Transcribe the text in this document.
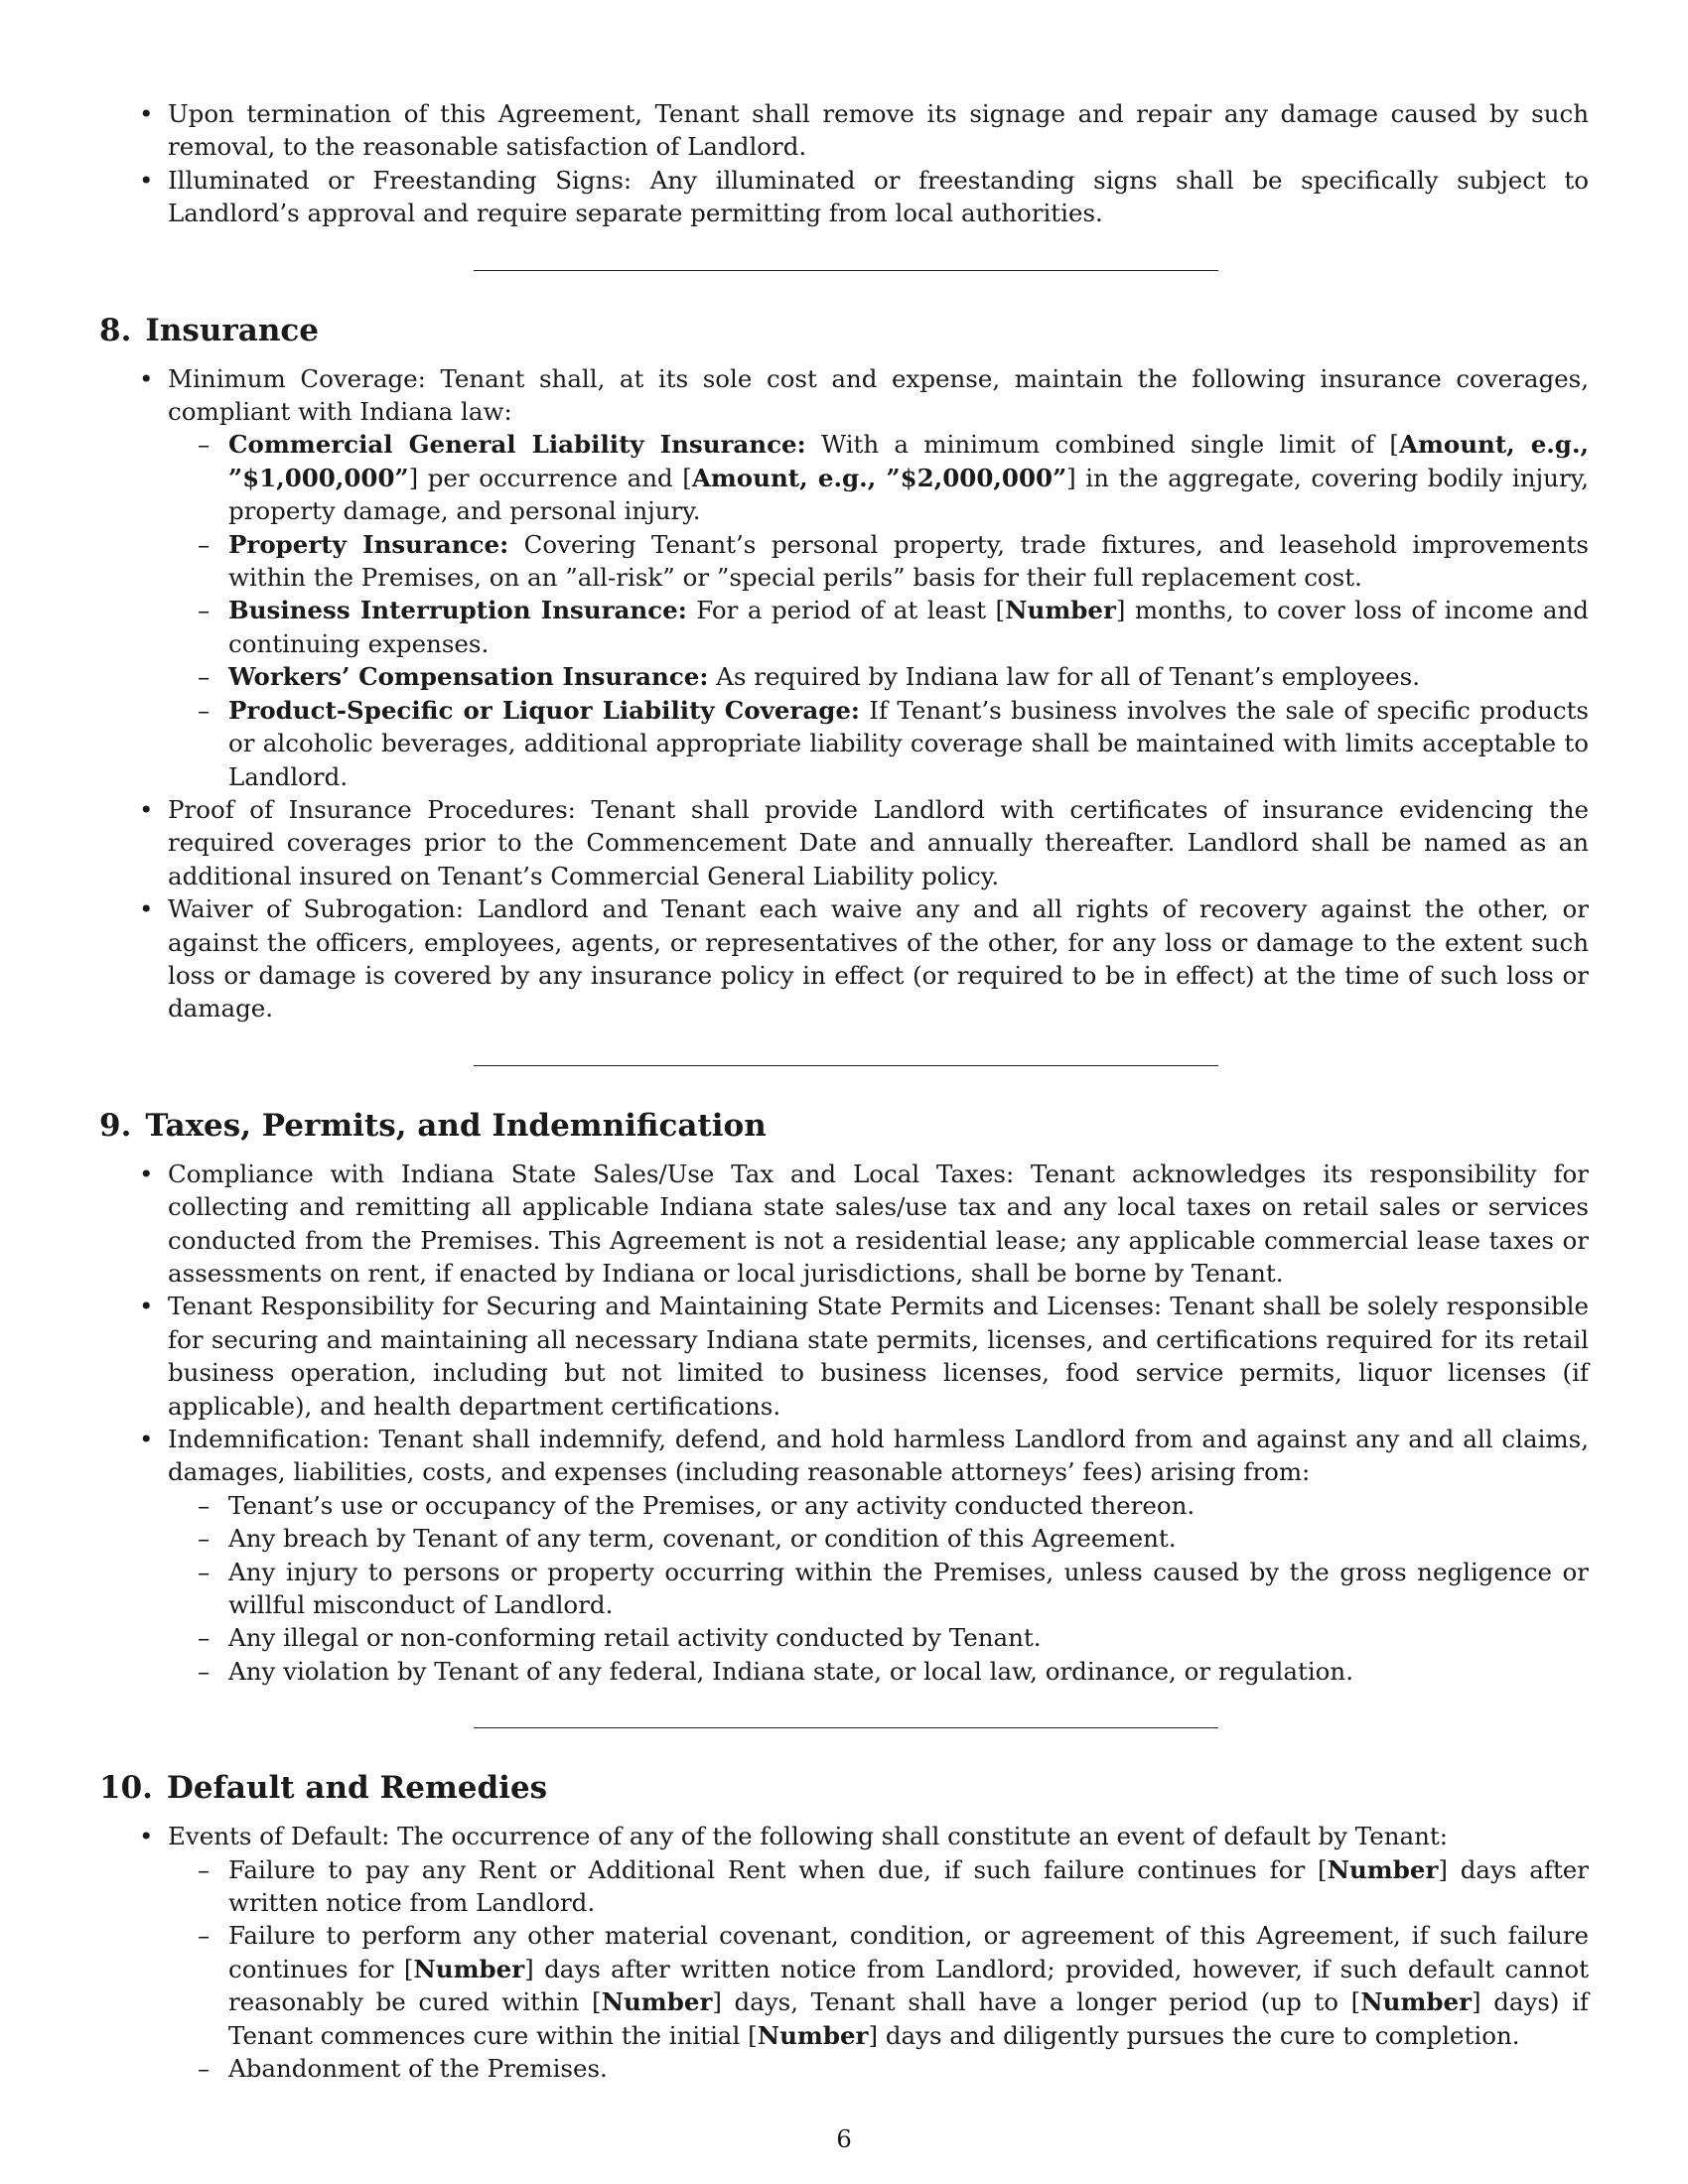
• Upon termination of this Agreement, Tenant shall remove its signage and repair any damage caused by such removal, to the reasonable satisfaction of Landlord.
• Illuminated or Freestanding Signs: Any illuminated or freestanding signs shall be specifically subject to Landlord’s approval and require separate permitting from local authorities.
8. Insurance
• Minimum Coverage: Tenant shall, at its sole cost and expense, maintain the following insurance coverages, compliant with Indiana law:
– Commercial General Liability Insurance: With a minimum combined single limit of [Amount, e.g., ”$1,000,000”] per occurrence and [Amount, e.g., ”$2,000,000”] in the aggregate, covering bodily injury, property damage, and personal injury.
– Property Insurance: Covering Tenant’s personal property, trade fixtures, and leasehold improvements within the Premises, on an ”all-risk” or ”special perils” basis for their full replacement cost.
– Business Interruption Insurance: For a period of at least [Number] months, to cover loss of income and continuing expenses.
– Workers’ Compensation Insurance: As required by Indiana law for all of Tenant’s employees.
– Product-Specific or Liquor Liability Coverage: If Tenant’s business involves the sale of specific products or alcoholic beverages, additional appropriate liability coverage shall be maintained with limits acceptable to Landlord.
• Proof of Insurance Procedures: Tenant shall provide Landlord with certificates of insurance evidencing the required coverages prior to the Commencement Date and annually thereafter. Landlord shall be named as an additional insured on Tenant’s Commercial General Liability policy.
• Waiver of Subrogation: Landlord and Tenant each waive any and all rights of recovery against the other, or against the officers, employees, agents, or representatives of the other, for any loss or damage to the extent such loss or damage is covered by any insurance policy in effect (or required to be in effect) at the time of such loss or damage.
9. Taxes, Permits, and Indemnification
• Compliance with Indiana State Sales/Use Tax and Local Taxes: Tenant acknowledges its responsibility for collecting and remitting all applicable Indiana state sales/use tax and any local taxes on retail sales or services conducted from the Premises. This Agreement is not a residential lease; any applicable commercial lease taxes or assessments on rent, if enacted by Indiana or local jurisdictions, shall be borne by Tenant.
• Tenant Responsibility for Securing and Maintaining State Permits and Licenses: Tenant shall be solely responsible for securing and maintaining all necessary Indiana state permits, licenses, and certifications required for its retail business operation, including but not limited to business licenses, food service permits, liquor licenses (if applicable), and health department certifications.
• Indemnification: Tenant shall indemnify, defend, and hold harmless Landlord from and against any and all claims, damages, liabilities, costs, and expenses (including reasonable attorneys’ fees) arising from:
– Tenant’s use or occupancy of the Premises, or any activity conducted thereon.
– Any breach by Tenant of any term, covenant, or condition of this Agreement.
– Any injury to persons or property occurring within the Premises, unless caused by the gross negligence or willful misconduct of Landlord.
– Any illegal or non-conforming retail activity conducted by Tenant.
– Any violation by Tenant of any federal, Indiana state, or local law, ordinance, or regulation.
10. Default and Remedies
• Events of Default: The occurrence of any of the following shall constitute an event of default by Tenant:
– Failure to pay any Rent or Additional Rent when due, if such failure continues for [Number] days after written notice from Landlord.
– Failure to perform any other material covenant, condition, or agreement of this Agreement, if such failure continues for [Number] days after written notice from Landlord; provided, however, if such default cannot reasonably be cured within [Number] days, Tenant shall have a longer period (up to [Number] days) if Tenant commences cure within the initial [Number] days and diligently pursues the cure to completion.
– Abandonment of the Premises.
6
